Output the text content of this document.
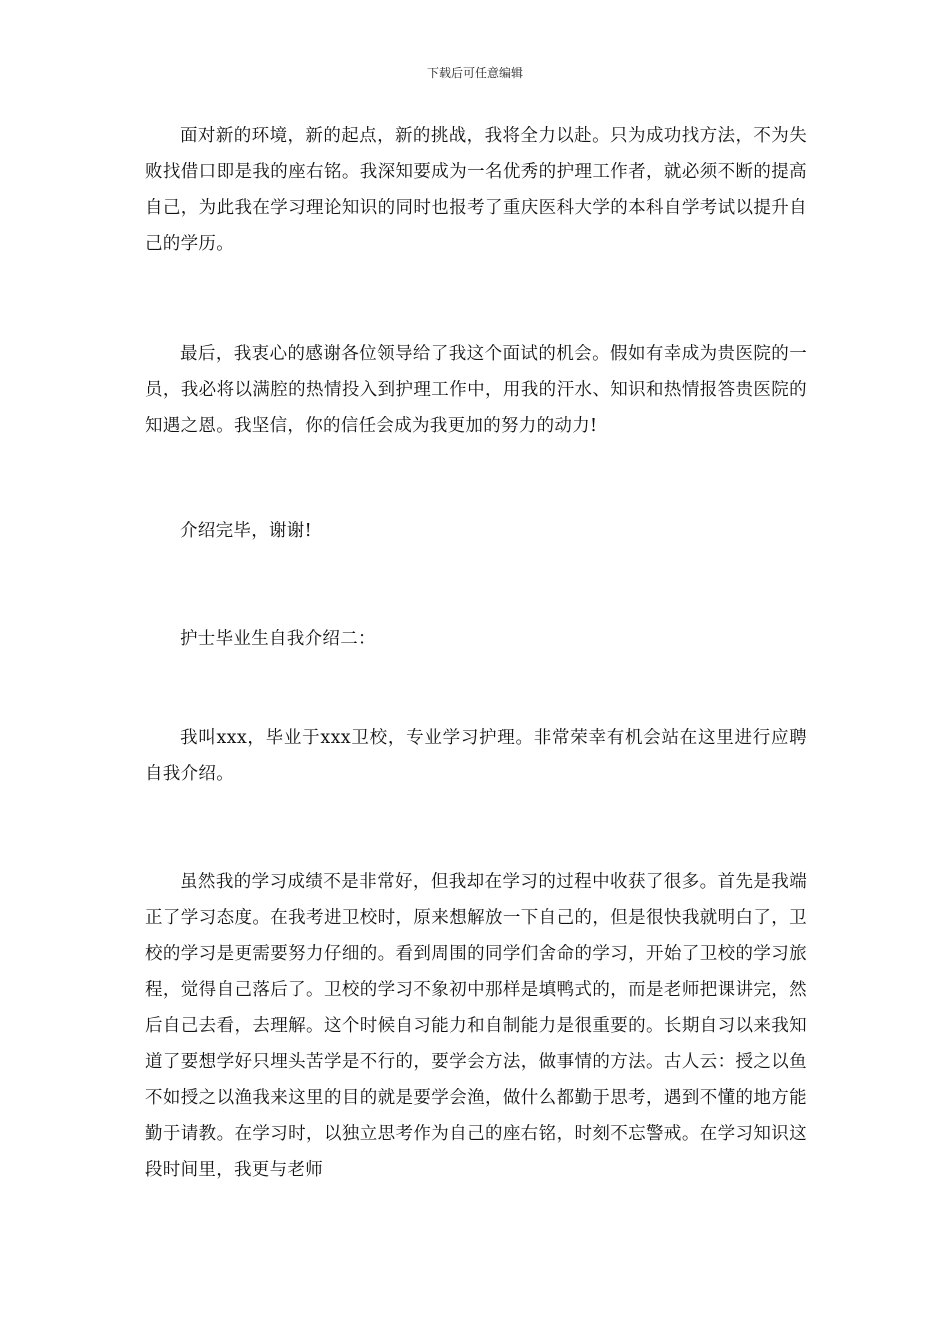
下载后可任意编辑

面对新的环境，新的起点，新的挑战，我将全力以赴。只为成功找方法，不为失败找借口即是我的座右铭。我深知要成为一名优秀的护理工作者，就必须不断的提高自己，为此我在学习理论知识的同时也报考了重庆医科大学的本科自学考试以提升自己的学历。

最后，我衷心的感谢各位领导给了我这个面试的机会。假如有幸成为贵医院的一员，我必将以满腔的热情投入到护理工作中，用我的汗水、知识和热情报答贵医院的知遇之恩。我坚信，你的信任会成为我更加的努力的动力!

介绍完毕，谢谢!

护士毕业生自我介绍二：

我叫xxx，毕业于xxx卫校，专业学习护理。非常荣幸有机会站在这里进行应聘自我介绍。

虽然我的学习成绩不是非常好，但我却在学习的过程中收获了很多。首先是我端正了学习态度。在我考进卫校时，原来想解放一下自己的，但是很快我就明白了，卫校的学习是更需要努力仔细的。看到周围的同学们舍命的学习，开始了卫校的学习旅程，觉得自己落后了。卫校的学习不象初中那样是填鸭式的，而是老师把课讲完，然后自己去看，去理解。这个时候自习能力和自制能力是很重要的。长期自习以来我知道了要想学好只埋头苦学是不行的，要学会方法，做事情的方法。古人云：授之以鱼不如授之以渔我来这里的目的就是要学会渔，做什么都勤于思考，遇到不懂的地方能勤于请教。在学习时，以独立思考作为自己的座右铭，时刻不忘警戒。在学习知识这段时间里，我更与老师
